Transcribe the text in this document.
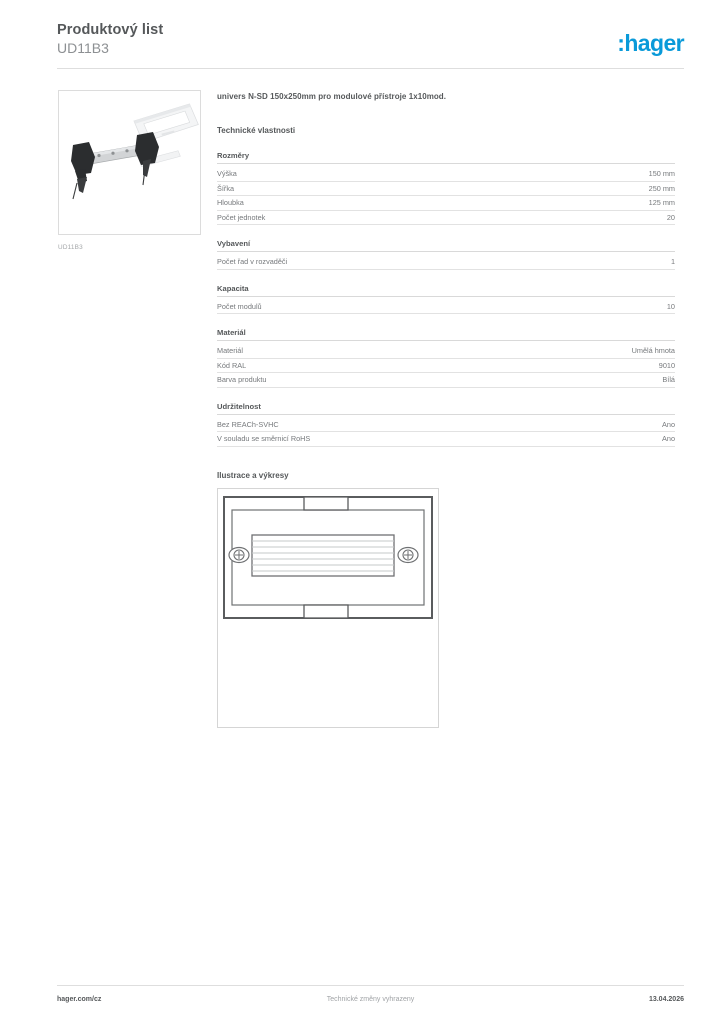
Produktový list
UD11B3	:hager
UD11B3

univers N-SD 150x250mm pro modulové přístroje 1x10mod.

Technické vlastnosti

Rozměry
Výška	150 mm
Šířka	250 mm
Hloubka	125 mm
Počet jednotek	20
Vybavení
Počet řad v rozvaděči	1
Kapacita
Počet modulů	10
Materiál
Materiál	Umělá hmota
Kód RAL	9010
Barva produktu	Bílá
Udržitelnost
Bez REACh-SVHC	Ano
V souladu se směrnicí RoHS	Ano

Ilustrace a výkresy

hager.com/cz	Technické změny vyhrazeny	13.04.2026
